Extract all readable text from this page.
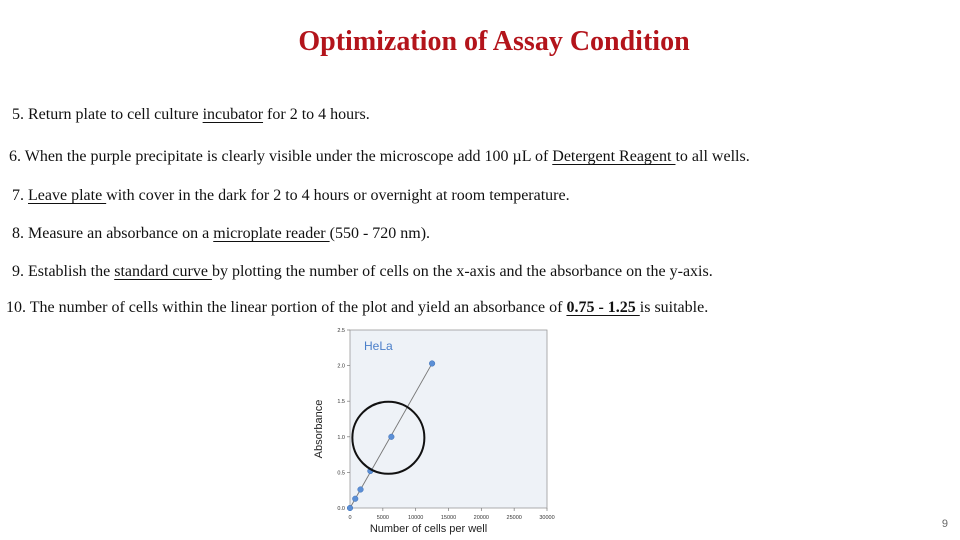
Optimization of Assay Condition
5. Return plate to cell culture incubator for 2 to 4 hours.
6. When the purple precipitate is clearly visible under the microscope add 100 µL of Detergent Reagent to all wells.
7. Leave plate with cover in the dark for 2 to 4 hours or overnight at room temperature.
8. Measure an absorbance on a microplate reader (550 - 720 nm).
9. Establish the standard curve by plotting the number of cells on the x-axis and the absorbance on the y-axis.
10. The number of cells within the linear portion of the plot and yield an absorbance of 0.75 - 1.25 is suitable.
0	5000	10000	15000	20000	25000	30000
0.0
0.5
1.0
1.5
2.0
2.5
HeLa
Number of cells per well
Absorbance
9
